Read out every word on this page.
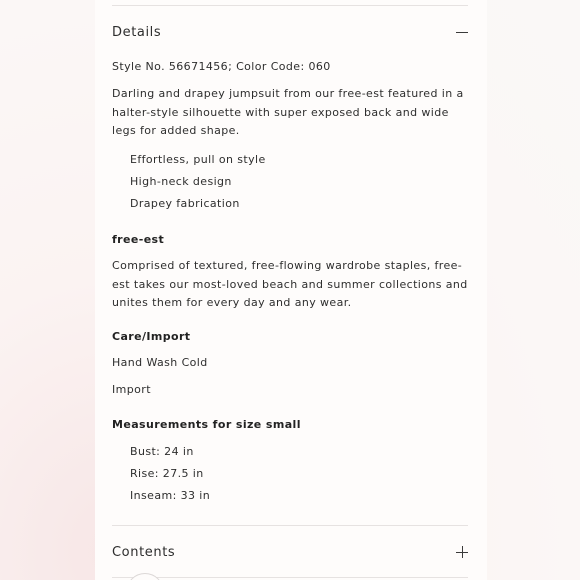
Details
Style No. 56671456; Color Code: 060
Darling and drapey jumpsuit from our free-est featured in a halter-style silhouette with super exposed back and wide legs for added shape.
Effortless, pull on style
High-neck design
Drapey fabrication
free-est
Comprised of textured, free-flowing wardrobe staples, free-est takes our most-loved beach and summer collections and unites them for every day and any wear.
Care/Import
Hand Wash Cold
Import
Measurements for size small
Bust: 24 in
Rise: 27.5 in
Inseam: 33 in
Contents
